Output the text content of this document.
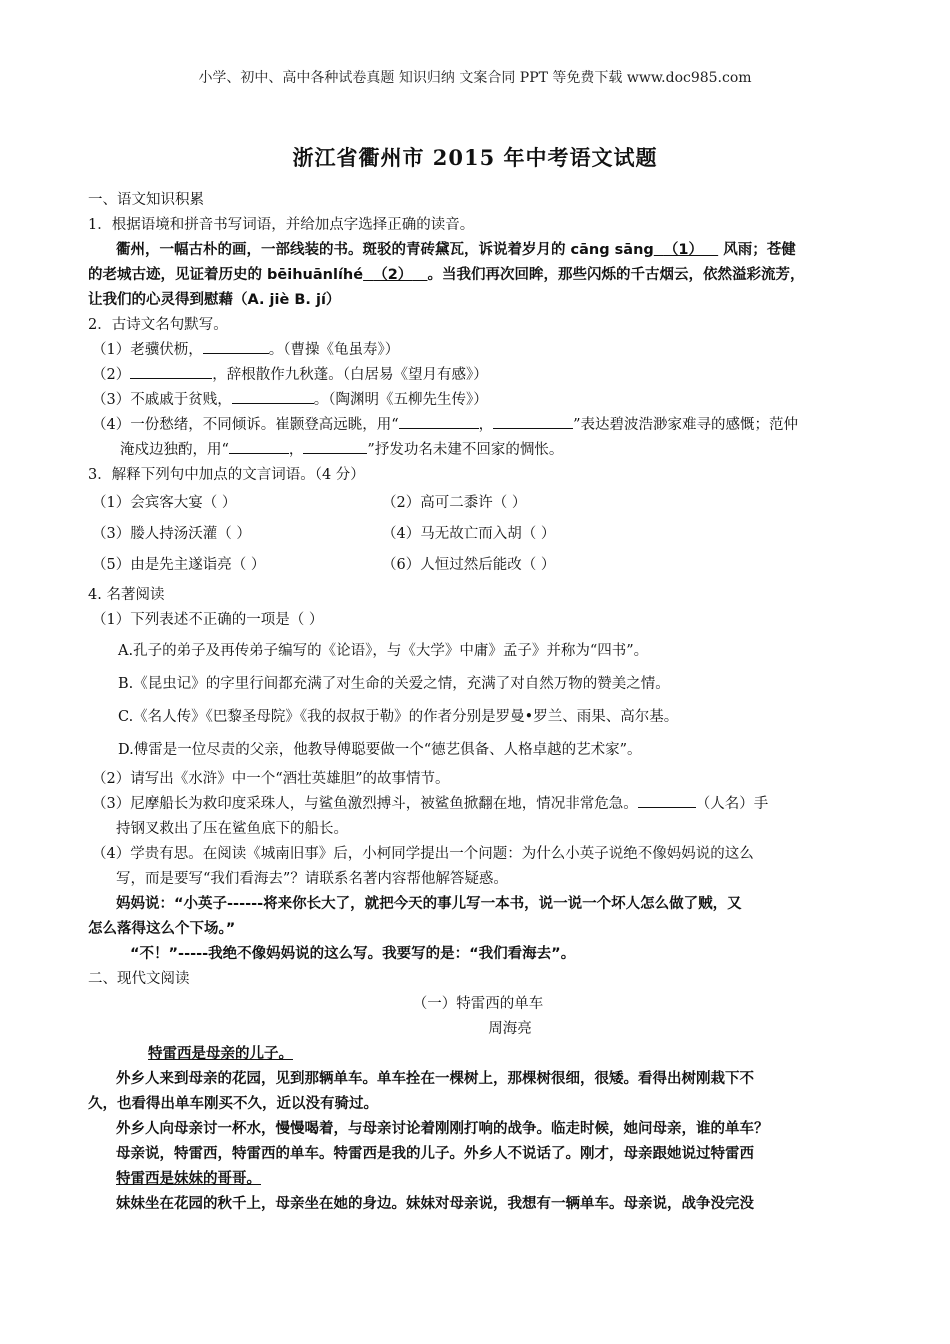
小学、初中、高中各种试卷真题 知识归纳 文案合同 PPT 等免费下载 www.doc985.com
浙江省衢州市 2015 年中考语文试题
一、语文知识积累
1．根据语境和拼音书写词语，并给加点字选择正确的读音。
衢州，一幅古朴的画，一部线装的书。斑驳的青砖黛瓦，诉说着岁月的 cāng sāng （1）    风雨；苍健
的老城古迹，见证着历史的 bēihuānlíhé （2） 。当我们再次回眸，那些闪烁的千古烟云，依然溢彩流芳，
让我们的心灵得到慰藉（A. jiè B. jí）
2．古诗文名句默写。
（1）老骥伏枥，	。（曹操《龟虽寿》）
（2）	，辞根散作九秋蓬。（白居易《望月有感》）
（3）不戚戚于贫贱，	。（陶渊明《五柳先生传》）
（4）一份愁绪，不同倾诉。崔颢登高远眺，用“	，	”表达碧波浩渺家难寻的感慨；范仲
淹戍边独酌，用“	，	”抒发功名未建不回家的惆怅。
3．解释下列句中加点的文言词语。（4 分）
（1）会宾客大宴（ ）	（2）高可二黍许（ ）
（3）媵人持汤沃灌（ ）	（4）马无故亡而入胡（ ）
（5）由是先主遂诣亮（ ）	（6）人恒过然后能改（ ）
4. 名著阅读
（1）下列表述不正确的一项是（ ）
A.孔子的弟子及再传弟子编写的《论语》，与《大学》中庸》孟子》并称为“四书”。
B.《昆虫记》的字里行间都充满了对生命的关爱之情，充满了对自然万物的赞美之情。
C.《名人传》《巴黎圣母院》《我的叔叔于勒》的作者分别是罗曼•罗兰、雨果、高尔基。
D.傅雷是一位尽责的父亲，他教导傅聪要做一个“德艺俱备、人格卓越的艺术家”。
（2）请写出《水浒》中一个“酒壮英雄胆”的故事情节。
（3）尼摩船长为救印度采珠人，与鲨鱼激烈搏斗，被鲨鱼掀翻在地，情况非常危急。	（人名）手
持钢叉救出了压在鲨鱼底下的船长。
（4）学贵有思。在阅读《城南旧事》后，小柯同学提出一个问题：为什么小英子说绝不像妈妈说的这么
写，而是要写“我们看海去”？请联系名著内容帮他解答疑惑。
妈妈说：“小英子------将来你长大了，就把今天的事儿写一本书，说一说一个坏人怎么做了贼，又
怎么落得这么个下场。”
“不！”-----我绝不像妈妈说的这么写。我要写的是：“我们看海去”。
二、现代文阅读
（一）特雷西的单车
周海亮
特雷西是母亲的儿子。
外乡人来到母亲的花园，见到那辆单车。单车拴在一棵树上，那棵树很细，很矮。看得出树刚栽下不
久，也看得出单车刚买不久，近以没有骑过。
外乡人向母亲讨一杯水，慢慢喝着，与母亲讨论着刚刚打响的战争。临走时候，她问母亲，谁的单车？
母亲说，特雷西，特雷西的单车。特雷西是我的儿子。外乡人不说话了。刚才，母亲跟她说过特雷西
特雷西是妹妹的哥哥。
妹妹坐在花园的秋千上，母亲坐在她的身边。妹妹对母亲说，我想有一辆单车。母亲说，战争没完没
